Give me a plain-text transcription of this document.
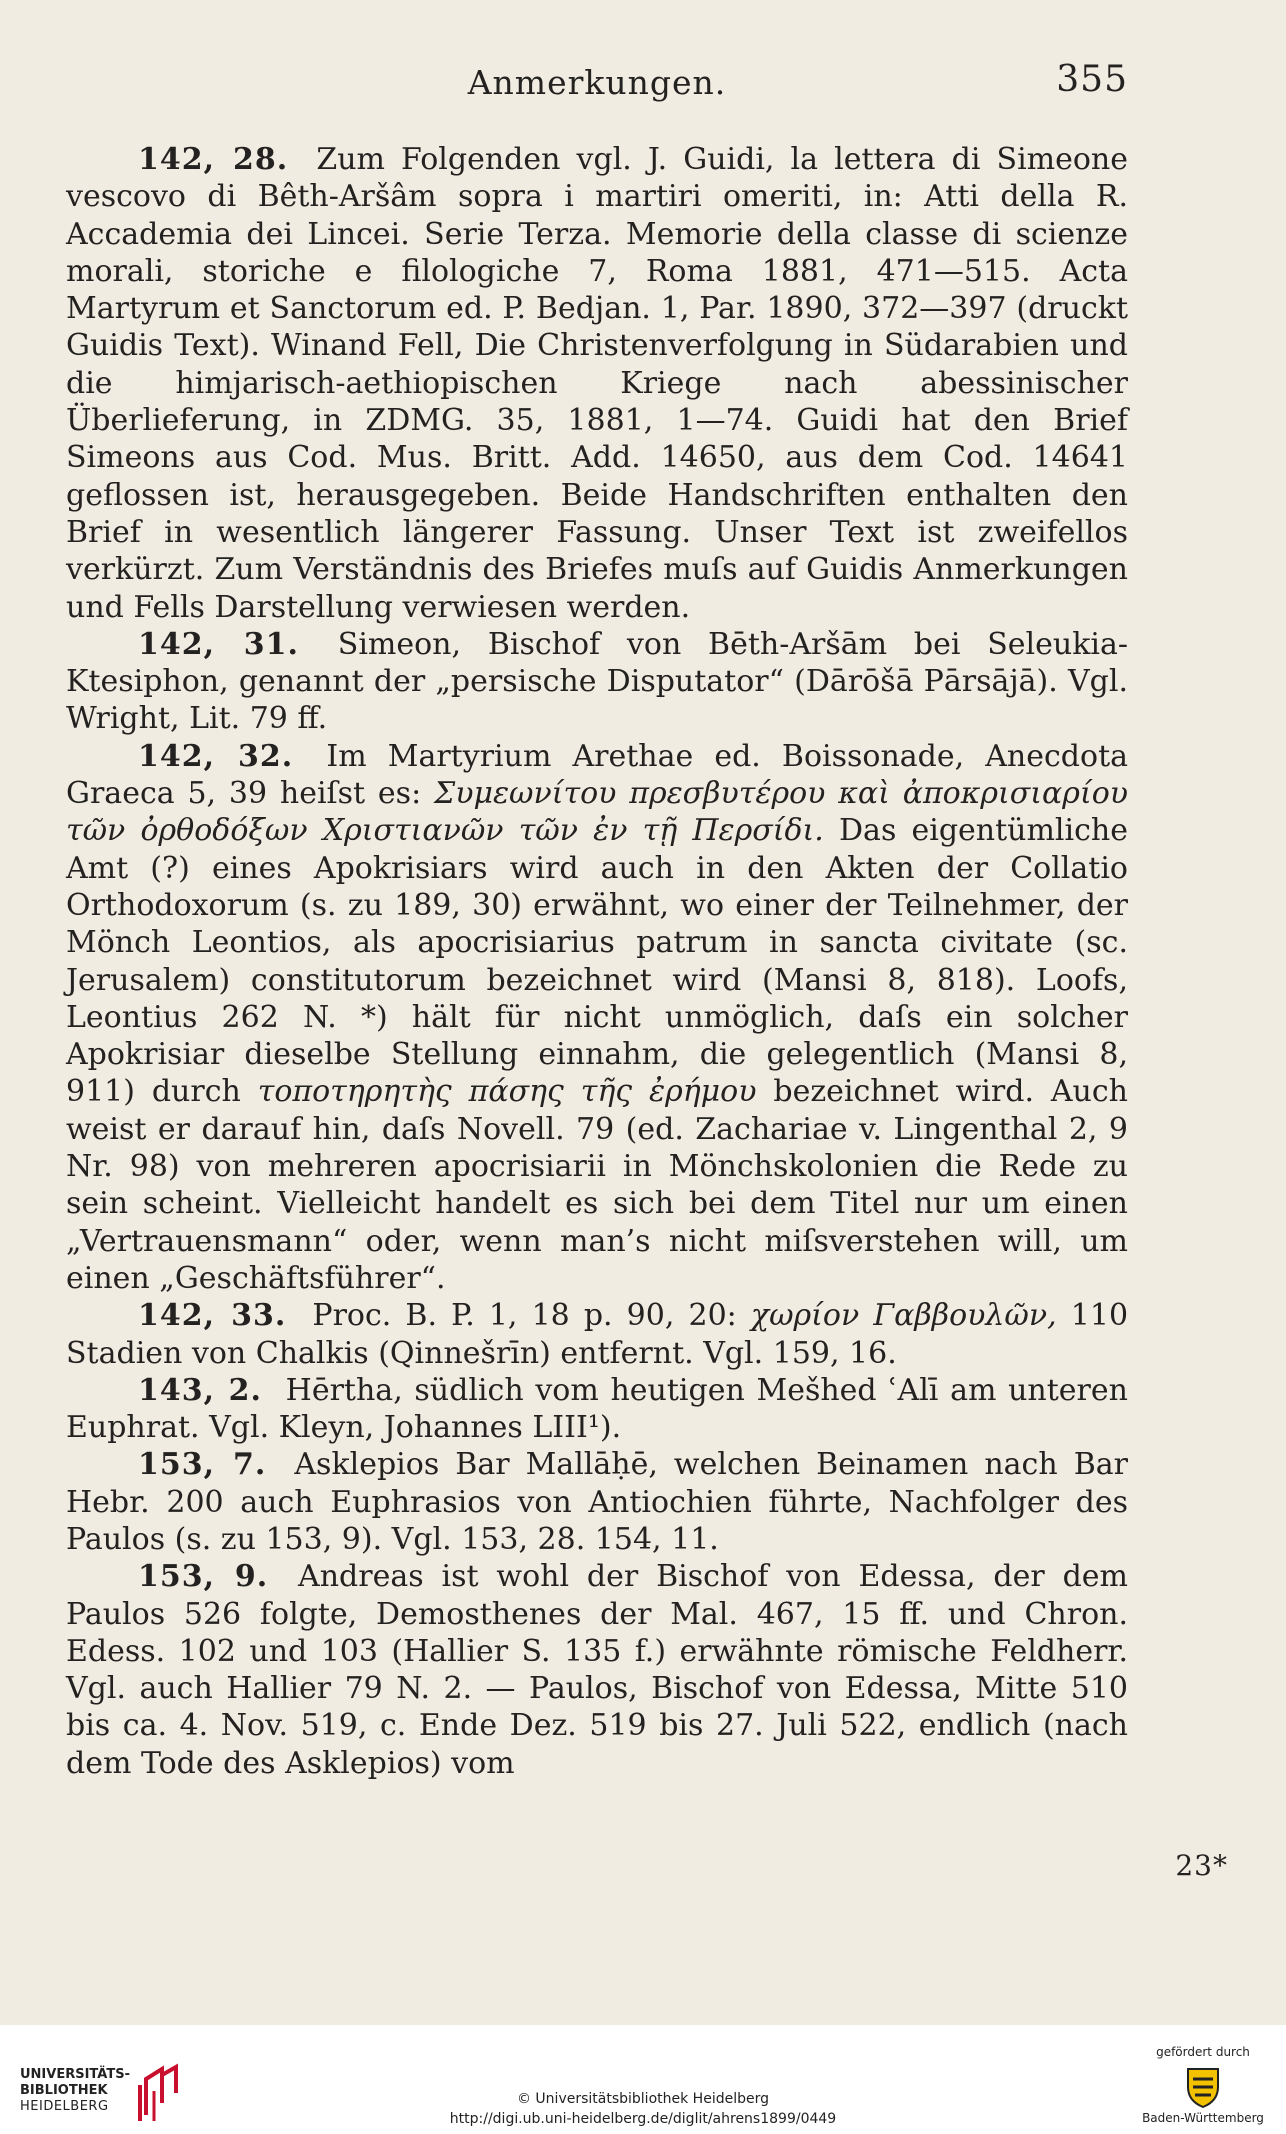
Anmerkungen.	355

142, 28. Zum Folgenden vgl. J. Guidi, la lettera di Simeone vescovo di Bêth-Aršâm sopra i martiri omeriti, in: Atti della R. Accademia dei Lincei. Serie Terza. Memorie della classe di scienze morali, storiche e filologiche 7, Roma 1881, 471—515. Acta Martyrum et Sanctorum ed. P. Bedjan. 1, Par. 1890, 372—397 (druckt Guidis Text). Winand Fell, Die Christenverfolgung in Südarabien und die himjarisch-aethiopischen Kriege nach abessinischer Überlieferung, in ZDMG. 35, 1881, 1—74. Guidi hat den Brief Simeons aus Cod. Mus. Britt. Add. 14650, aus dem Cod. 14641 geflossen ist, herausgegeben. Beide Handschriften enthalten den Brief in wesentlich längerer Fassung. Unser Text ist zweifellos verkürzt. Zum Verständnis des Briefes muſs auf Guidis Anmerkungen und Fells Darstellung verwiesen werden.

142, 31. Simeon, Bischof von Bēth-Aršām bei Seleukia-Ktesiphon, genannt der „persische Disputator“ (Dārōšā Pārsājā). Vgl. Wright, Lit. 79 ff.

142, 32. Im Martyrium Arethae ed. Boissonade, Anecdota Graeca 5, 39 heiſst es: Συμεωνίτου πρεσβυτέρου καὶ ἀποκρισιαρίου τῶν ὀρθοδόξων Χριστιανῶν τῶν ἐν τῇ Περσίδι. Das eigentümliche Amt (?) eines Apokrisiars wird auch in den Akten der Collatio Orthodoxorum (s. zu 189, 30) erwähnt, wo einer der Teilnehmer, der Mönch Leontios, als apocrisiarius patrum in sancta civitate (sc. Jerusalem) constitutorum bezeichnet wird (Mansi 8, 818). Loofs, Leontius 262 N. *) hält für nicht unmöglich, daſs ein solcher Apokrisiar dieselbe Stellung einnahm, die gelegentlich (Mansi 8, 911) durch τοποτηρητὴς πάσης τῆς ἐρήμου bezeichnet wird. Auch weist er darauf hin, daſs Novell. 79 (ed. Zachariae v. Lingenthal 2, 9 Nr. 98) von mehreren apocrisiarii in Mönchskolonien die Rede zu sein scheint. Vielleicht handelt es sich bei dem Titel nur um einen „Vertrauensmann“ oder, wenn man’s nicht miſsverstehen will, um einen „Geschäftsführer“.

142, 33. Proc. B. P. 1, 18 p. 90, 20: χωρίον Γαββουλῶν, 110 Stadien von Chalkis (Qinnešrīn) entfernt. Vgl. 159, 16.

143, 2. Hērtha, südlich vom heutigen Mešhed ʿAlī am unteren Euphrat. Vgl. Kleyn, Johannes LIII¹).

153, 7. Asklepios Bar Mallāḥē, welchen Beinamen nach Bar Hebr. 200 auch Euphrasios von Antiochien führte, Nachfolger des Paulos (s. zu 153, 9). Vgl. 153, 28. 154, 11.

153, 9. Andreas ist wohl der Bischof von Edessa, der dem Paulos 526 folgte, Demosthenes der Mal. 467, 15 ff. und Chron. Edess. 102 und 103 (Hallier S. 135 f.) erwähnte römische Feldherr. Vgl. auch Hallier 79 N. 2. — Paulos, Bischof von Edessa, Mitte 510 bis ca. 4. Nov. 519, c. Ende Dez. 519 bis 27. Juli 522, endlich (nach dem Tode des Asklepios) vom

23*
UNIVERSITÄTS-
BIBLIOTHEK
HEIDELBERG	© Universitätsbibliothek Heidelberg
http://digi.ub.uni-heidelberg.de/diglit/ahrens1899/0449
gefördert durch
Baden-Württemberg
